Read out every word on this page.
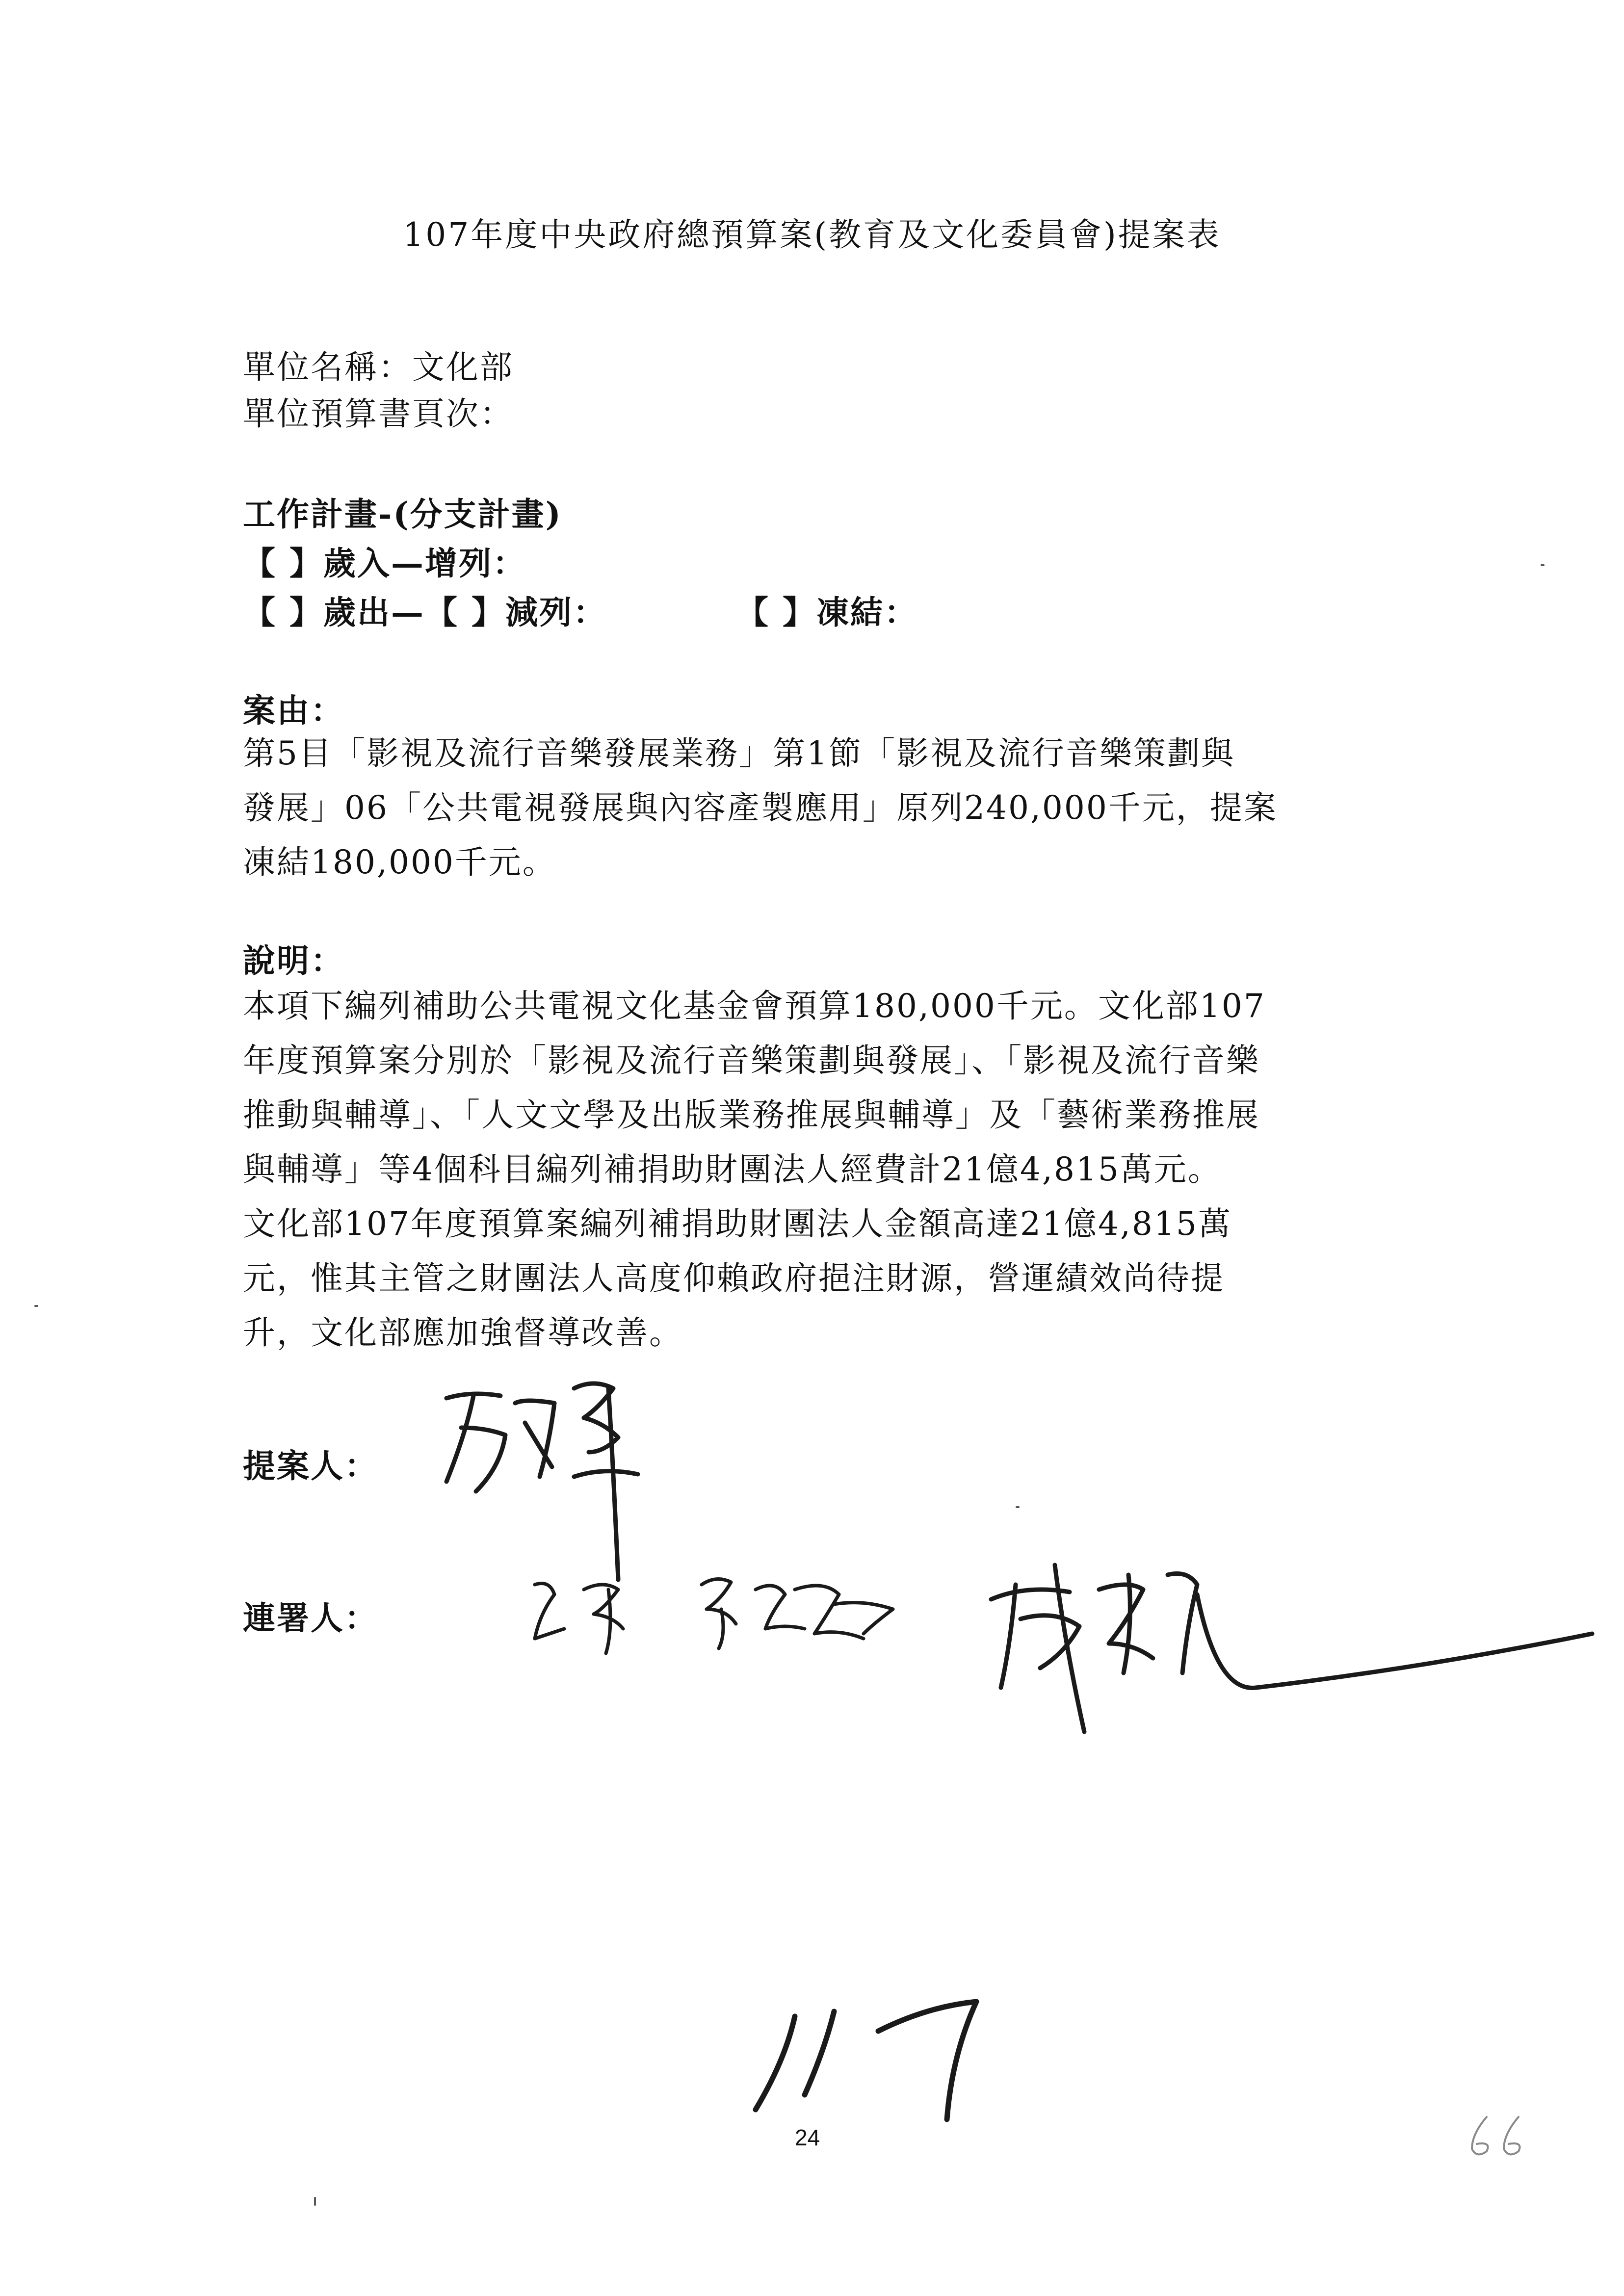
107年度中央政府總預算案(教育及文化委員會)提案表
單位名稱：文化部
單位預算書頁次：
工作計畫-(分支計畫)
【 】歲入—增列：
【 】歲出—【 】減列：	【 】凍結：
案由：
第5目「影視及流行音樂發展業務」第1節「影視及流行音樂策劃與
發展」06「公共電視發展與內容產製應用」原列240,000千元，提案
凍結180,000千元。
說明：
本項下編列補助公共電視文化基金會預算180,000千元。文化部107
年度預算案分別於「影視及流行音樂策劃與發展」、「影視及流行音樂
推動與輔導」、「人文文學及出版業務推展與輔導」及「藝術業務推展
與輔導」等4個科目編列補捐助財團法人經費計21億4,815萬元。
文化部107年度預算案編列補捐助財團法人金額高達21億4,815萬
元，惟其主管之財團法人高度仰賴政府挹注財源，營運績效尚待提
升，文化部應加強督導改善。
提案人：
連署人：
24
